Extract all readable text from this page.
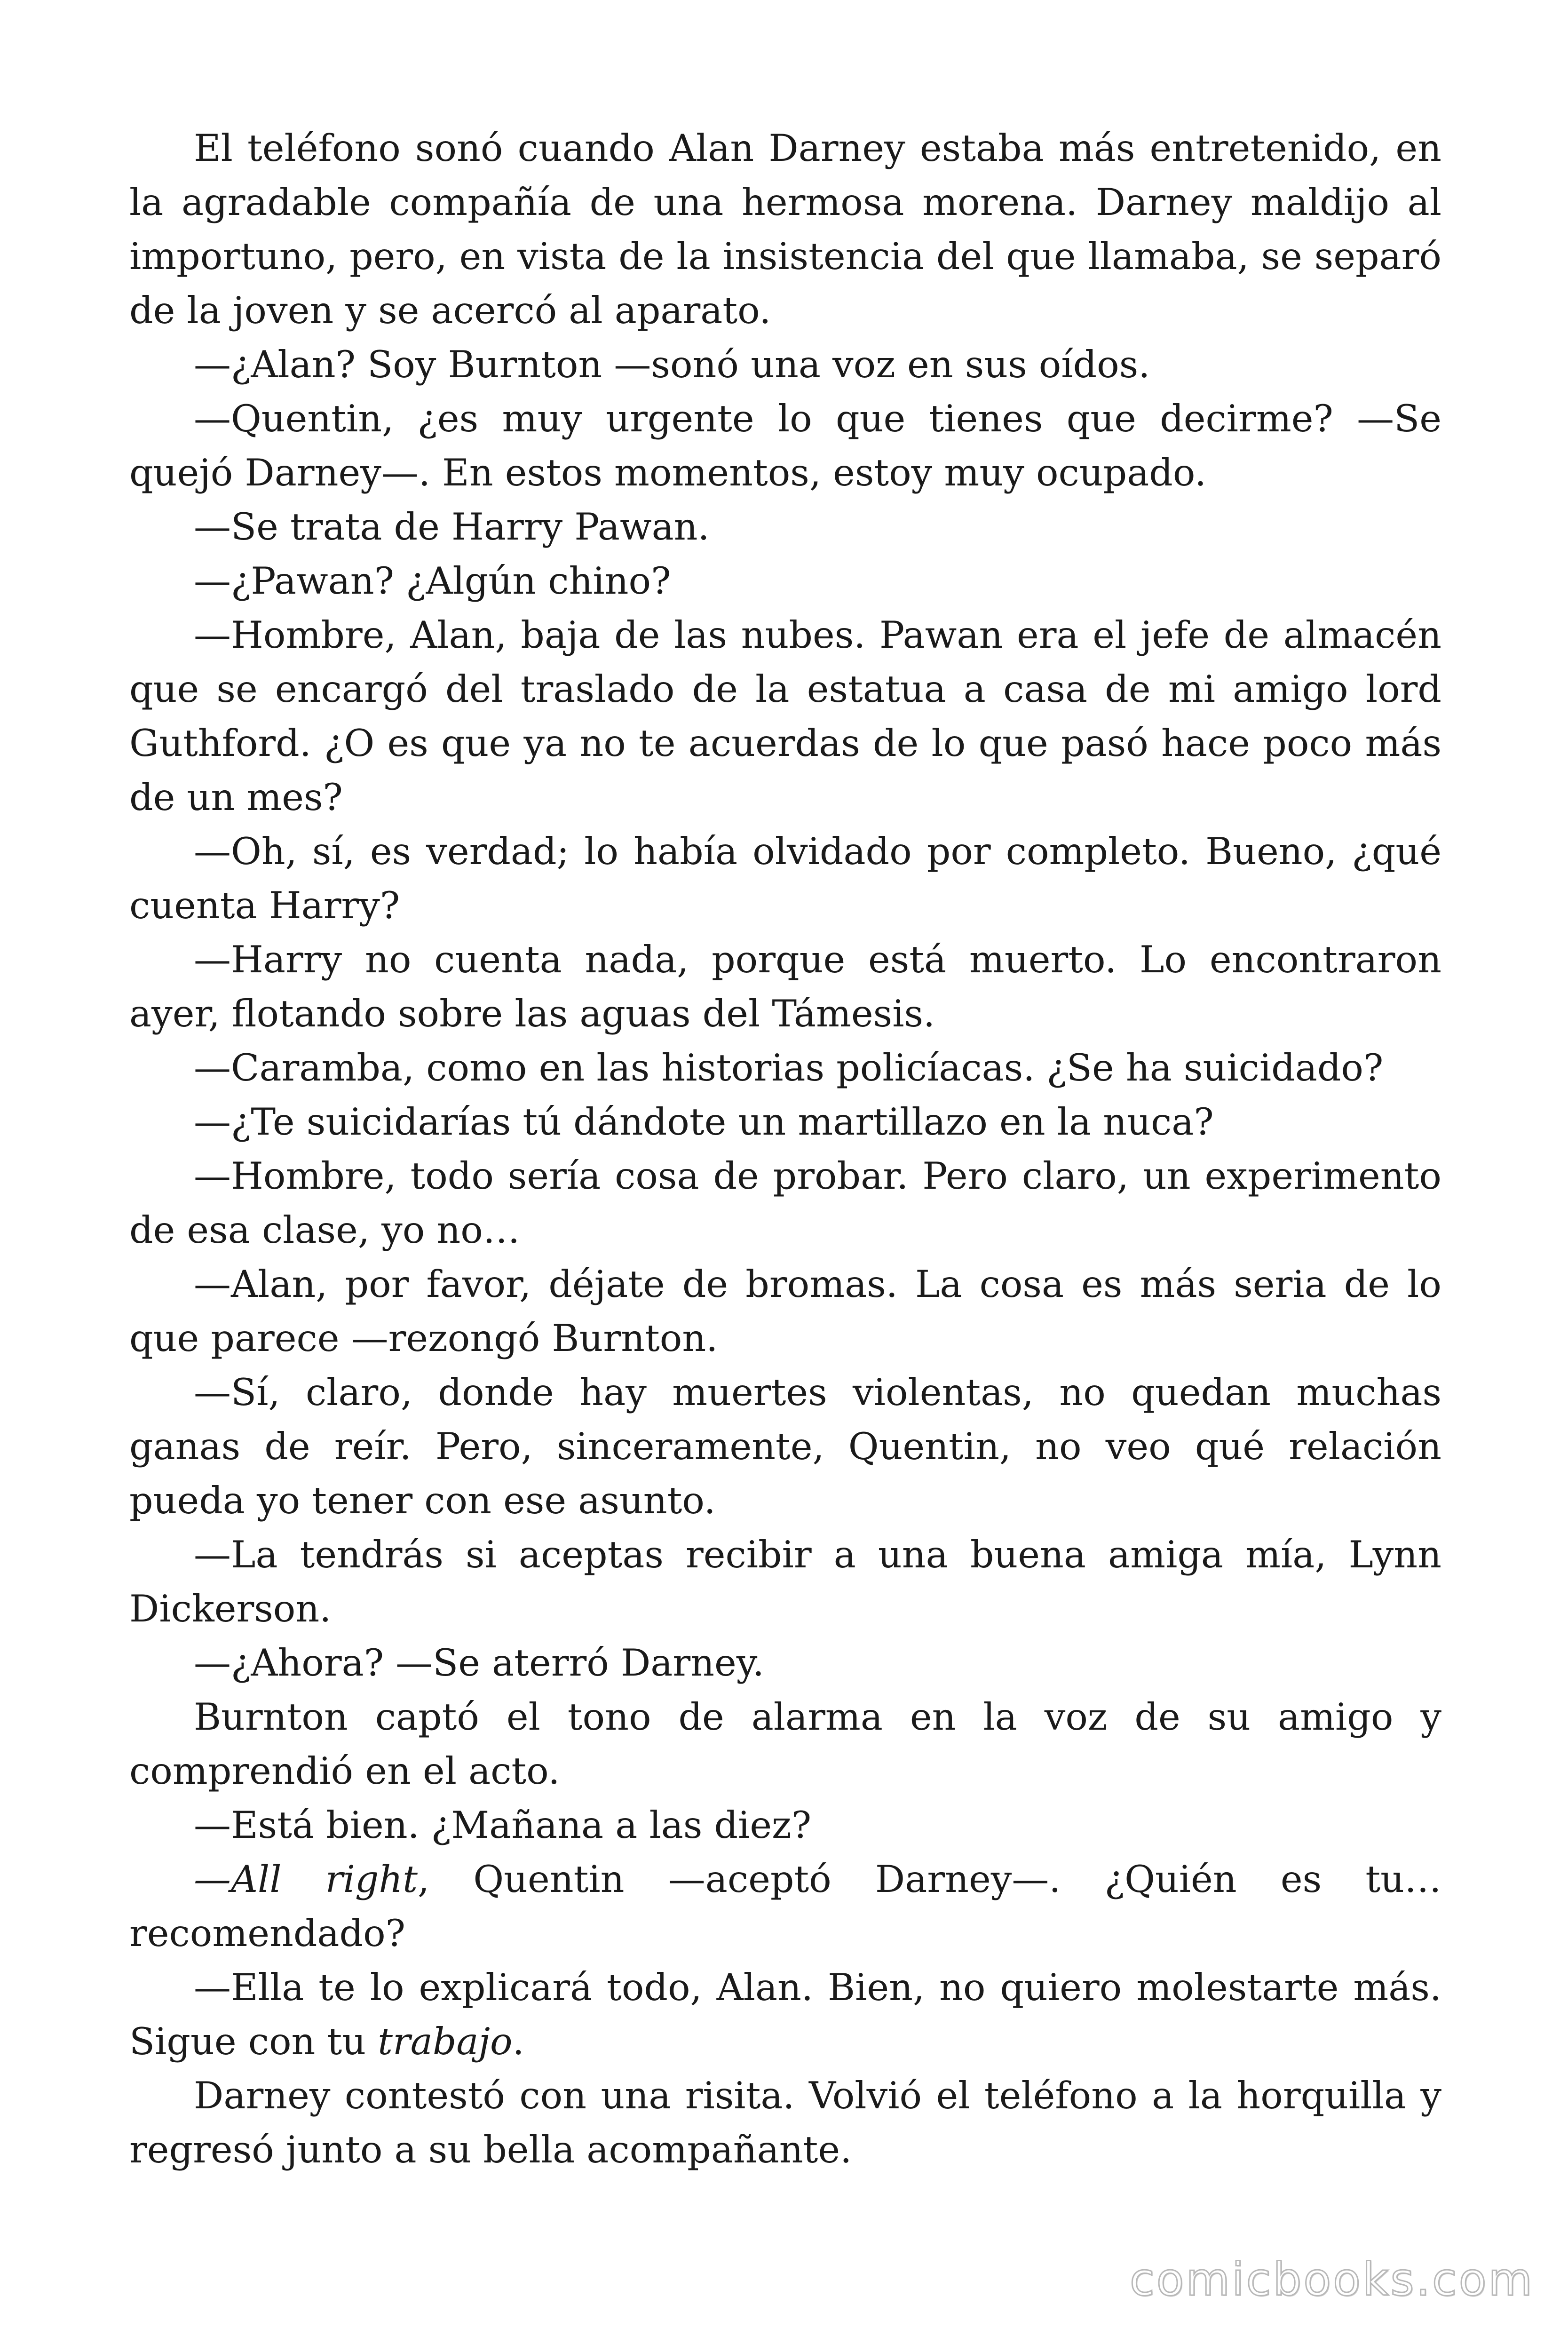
El teléfono sonó cuando Alan Darney estaba más entretenido, en la agradable compañía de una hermosa morena. Darney maldijo al importuno, pero, en vista de la insistencia del que llamaba, se separó de la joven y se acercó al aparato.

—¿Alan? Soy Burnton —sonó una voz en sus oídos.

—Quentin, ¿es muy urgente lo que tienes que decirme? —Se quejó Darney—. En estos momentos, estoy muy ocupado.

—Se trata de Harry Pawan.

—¿Pawan? ¿Algún chino?

—Hombre, Alan, baja de las nubes. Pawan era el jefe de almacén que se encargó del traslado de la estatua a casa de mi amigo lord Guthford. ¿O es que ya no te acuerdas de lo que pasó hace poco más de un mes?

—Oh, sí, es verdad; lo había olvidado por completo. Bueno, ¿qué cuenta Harry?

—Harry no cuenta nada, porque está muerto. Lo encontraron ayer, flotando sobre las aguas del Támesis.

—Caramba, como en las historias policíacas. ¿Se ha suicidado?

—¿Te suicidarías tú dándote un martillazo en la nuca?

—Hombre, todo sería cosa de probar. Pero claro, un experimento de esa clase, yo no…

—Alan, por favor, déjate de bromas. La cosa es más seria de lo que parece —rezongó Burnton.

—Sí, claro, donde hay muertes violentas, no quedan muchas ganas de reír. Pero, sinceramente, Quentin, no veo qué relación pueda yo tener con ese asunto.

—La tendrás si aceptas recibir a una buena amiga mía, Lynn Dickerson.

—¿Ahora? —Se aterró Darney.

Burnton captó el tono de alarma en la voz de su amigo y comprendió en el acto.

—Está bien. ¿Mañana a las diez?

—All right, Quentin —aceptó Darney—. ¿Quién es tu… recomendado?

—Ella te lo explicará todo, Alan. Bien, no quiero molestarte más. Sigue con tu trabajo.

Darney contestó con una risita. Volvió el teléfono a la horquilla y regresó junto a su bella acompañante.

comicbooks.com
